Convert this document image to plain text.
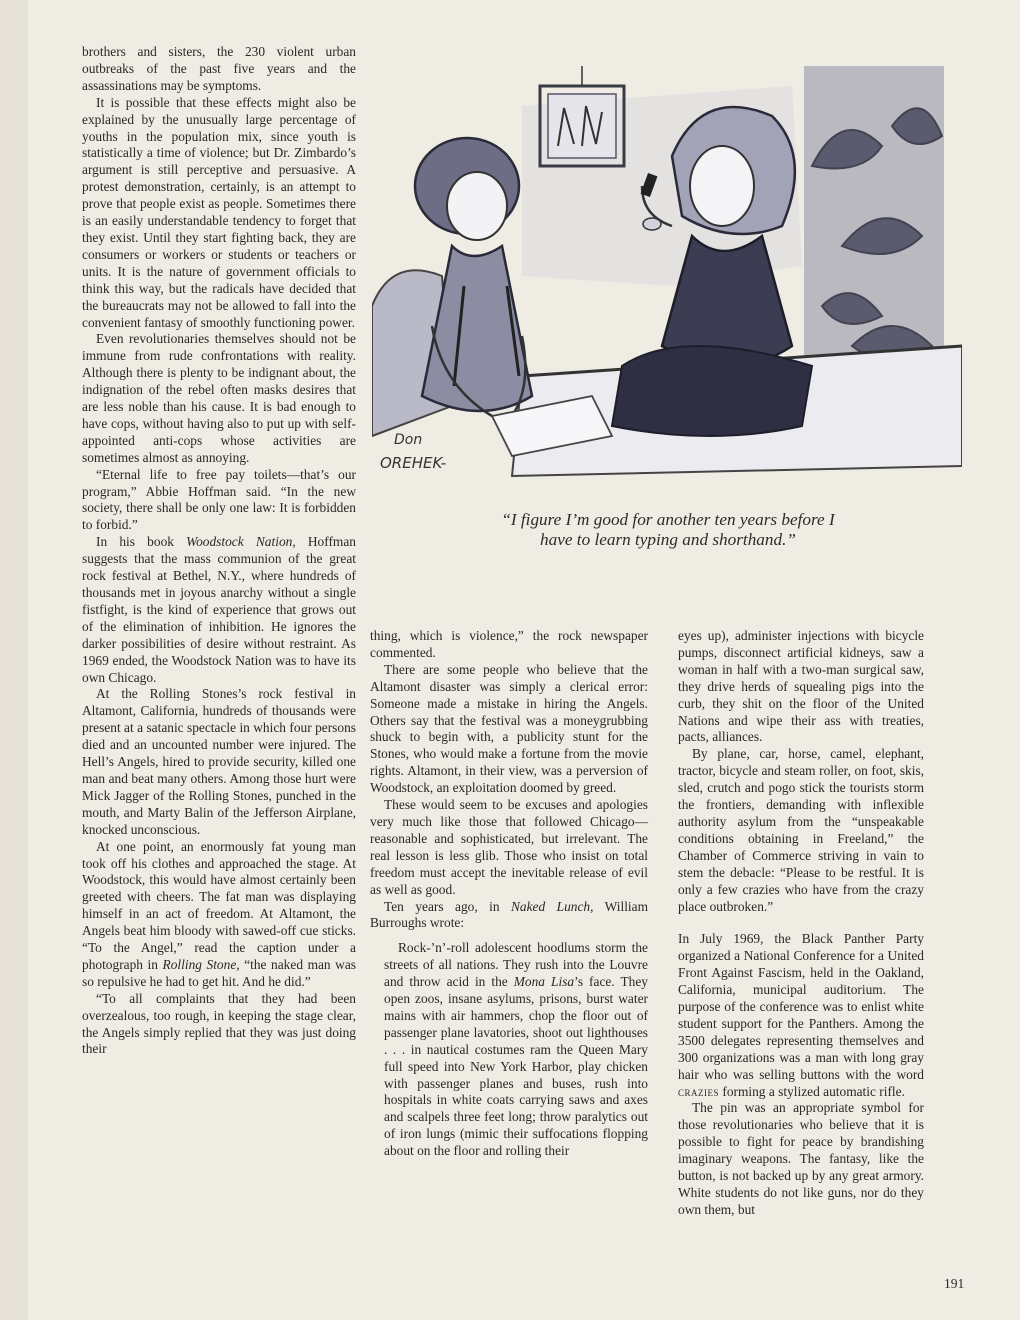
brothers and sisters, the 230 violent urban outbreaks of the past five years and the assassinations may be symptoms.

It is possible that these effects might also be explained by the unusually large percentage of youths in the population mix, since youth is statistically a time of violence; but Dr. Zimbardo’s argument is still perceptive and persuasive. A protest demonstration, certainly, is an attempt to prove that people exist as people. Sometimes there is an easily understandable tendency to forget that they exist. Until they start fighting back, they are consumers or workers or students or teachers or units. It is the nature of government officials to think this way, but the radicals have decided that the bureaucrats may not be allowed to fall into the convenient fantasy of smoothly functioning power.

Even revolutionaries themselves should not be immune from rude confrontations with reality. Although there is plenty to be indignant about, the indignation of the rebel often masks desires that are less noble than his cause. It is bad enough to have cops, without having also to put up with self-appointed anti-cops whose activities are sometimes almost as annoying.

“Eternal life to free pay toilets—that’s our program,” Abbie Hoffman said. “In the new society, there shall be only one law: It is forbidden to forbid.”

In his book Woodstock Nation, Hoffman suggests that the mass communion of the great rock festival at Bethel, N.Y., where hundreds of thousands met in joyous anarchy without a single fistfight, is the kind of experience that grows out of the elimination of inhibition. He ignores the darker possibilities of desire without restraint. As 1969 ended, the Woodstock Nation was to have its own Chicago.

At the Rolling Stones’s rock festival in Altamont, California, hundreds of thousands were present at a satanic spectacle in which four persons died and an uncounted number were injured. The Hell’s Angels, hired to provide security, killed one man and beat many others. Among those hurt were Mick Jagger of the Rolling Stones, punched in the mouth, and Marty Balin of the Jefferson Airplane, knocked unconscious.

At one point, an enormously fat young man took off his clothes and approached the stage. At Woodstock, this would have almost certainly been greeted with cheers. The fat man was displaying himself in an act of freedom. At Altamont, the Angels beat him bloody with sawed-off cue sticks. “To the Angel,” read the caption under a photograph in Rolling Stone, “the naked man was so repulsive he had to get hit. And he did.”

“To all complaints that they had been overzealous, too rough, in keeping the stage clear, the Angels simply replied that they was just doing their

Don
OREHEK-
“I figure I’m good for another ten years before I
have to learn typing and shorthand.”

thing, which is violence,” the rock newspaper commented.

There are some people who believe that the Altamont disaster was simply a clerical error: Someone made a mistake in hiring the Angels. Others say that the festival was a moneygrubbing shuck to begin with, a publicity stunt for the Stones, who would make a fortune from the movie rights. Altamont, in their view, was a perversion of Woodstock, an exploitation doomed by greed.

These would seem to be excuses and apologies very much like those that followed Chicago—reasonable and sophisticated, but irrelevant. The real lesson is less glib. Those who insist on total freedom must accept the inevitable release of evil as well as good.

Ten years ago, in Naked Lunch, William Burroughs wrote:

Rock-’n’-roll adolescent hoodlums storm the streets of all nations. They rush into the Louvre and throw acid in the Mona Lisa’s face. They open zoos, insane asylums, prisons, burst water mains with air hammers, chop the floor out of passenger plane lavatories, shoot out lighthouses . . . in nautical costumes ram the Queen Mary full speed into New York Harbor, play chicken with passenger planes and buses, rush into hospitals in white coats carrying saws and axes and scalpels three feet long; throw paralytics out of iron lungs (mimic their suffocations flopping about on the floor and rolling their

eyes up), administer injections with bicycle pumps, disconnect artificial kidneys, saw a woman in half with a two-man surgical saw, they drive herds of squealing pigs into the curb, they shit on the floor of the United Nations and wipe their ass with treaties, pacts, alliances.

By plane, car, horse, camel, elephant, tractor, bicycle and steam roller, on foot, skis, sled, crutch and pogo stick the tourists storm the frontiers, demanding with inflexible authority asylum from the “unspeakable conditions obtaining in Freeland,” the Chamber of Commerce striving in vain to stem the debacle: “Please to be restful. It is only a few crazies who have from the crazy place outbroken.”

In July 1969, the Black Panther Party organized a National Conference for a United Front Against Fascism, held in the Oakland, California, municipal auditorium. The purpose of the conference was to enlist white student support for the Panthers. Among the 3500 delegates representing themselves and 300 organizations was a man with long gray hair who was selling buttons with the word crazies forming a stylized automatic rifle.

The pin was an appropriate symbol for those revolutionaries who believe that it is possible to fight for peace by brandishing imaginary weapons. The fantasy, like the button, is not backed up by any great armory. White students do not like guns, nor do they own them, but

191
